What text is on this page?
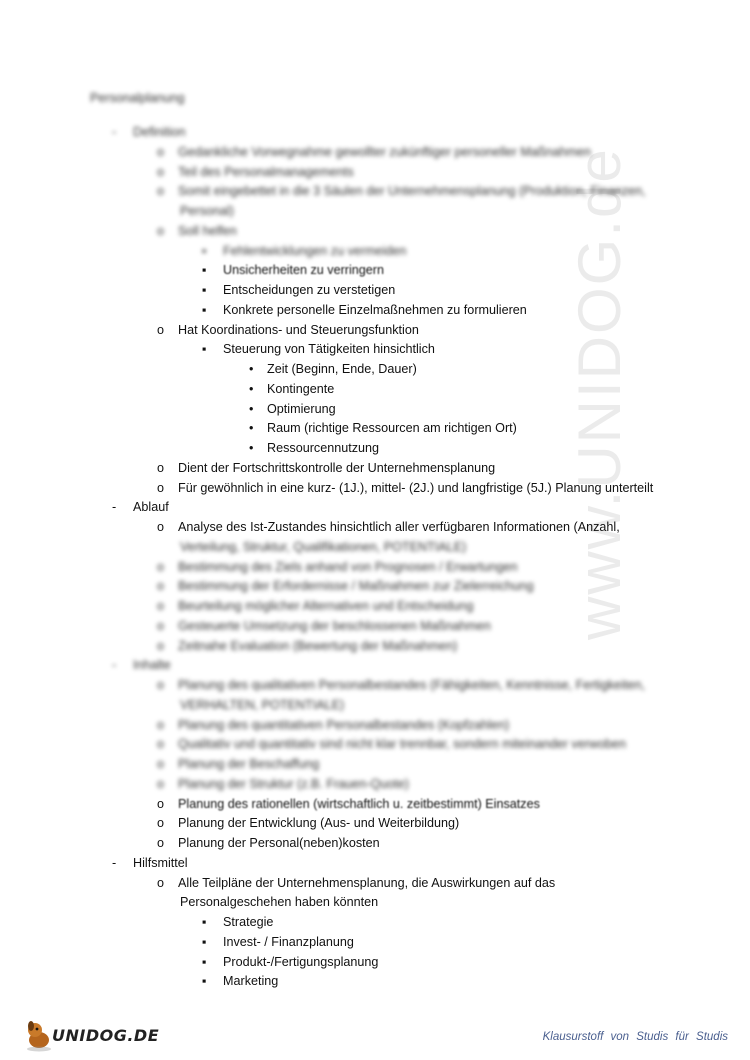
www.UNIDOG.de
Personalplanung
- Definition
o Gedankliche Vorwegnahme gewollter zukünftiger personeller Maßnahmen
o Teil des Personalmanagements
o Somit eingebettet in die 3 Säulen der Unternehmensplanung (Produktion, Finanzen,
Personal)
o Soll helfen
▪ Fehlentwicklungen zu vermeiden
▪ Unsicherheiten zu verringern
▪ Entscheidungen zu verstetigen
▪ Konkrete personelle Einzelmaßnehmen zu formulieren
o Hat Koordinations- und Steuerungsfunktion
▪ Steuerung von Tätigkeiten hinsichtlich
• Zeit (Beginn, Ende, Dauer)
• Kontingente
• Optimierung
• Raum (richtige Ressourcen am richtigen Ort)
• Ressourcennutzung
o Dient der Fortschrittskontrolle der Unternehmensplanung
o Für gewöhnlich in eine kurz- (1J.), mittel- (2J.) und langfristige (5J.) Planung unterteilt
- Ablauf
o Analyse des Ist-Zustandes hinsichtlich aller verfügbaren Informationen (Anzahl,
Verteilung, Struktur, Qualifikationen, POTENTIALE)
o Bestimmung des Ziels anhand von Prognosen / Erwartungen
o Bestimmung der Erfordernisse / Maßnahmen zur Zielerreichung
o Beurteilung möglicher Alternativen und Entscheidung
o Gesteuerte Umsetzung der beschlossenen Maßnahmen
o Zeitnahe Evaluation (Bewertung der Maßnahmen)
- Inhalte
o Planung des qualitativen Personalbestandes (Fähigkeiten, Kenntnisse, Fertigkeiten,
VERHALTEN, POTENTIALE)
o Planung des quantitativen Personalbestandes (Kopfzahlen)
o Qualitativ und quantitativ sind nicht klar trennbar, sondern miteinander verwoben
o Planung der Beschaffung
o Planung der Struktur (z.B. Frauen-Quote)
o Planung des rationellen (wirtschaftlich u. zeitbestimmt) Einsatzes
o Planung der Entwicklung (Aus- und Weiterbildung)
o Planung der Personal(neben)kosten
- Hilfsmittel
o Alle Teilpläne der Unternehmensplanung, die Auswirkungen auf das
Personalgeschehen haben könnten
▪ Strategie
▪ Invest- / Finanzplanung
▪ Produkt-/Fertigungsplanung
▪ Marketing
UNIDOG.DE	Klausurstoff von Studis für Studis
